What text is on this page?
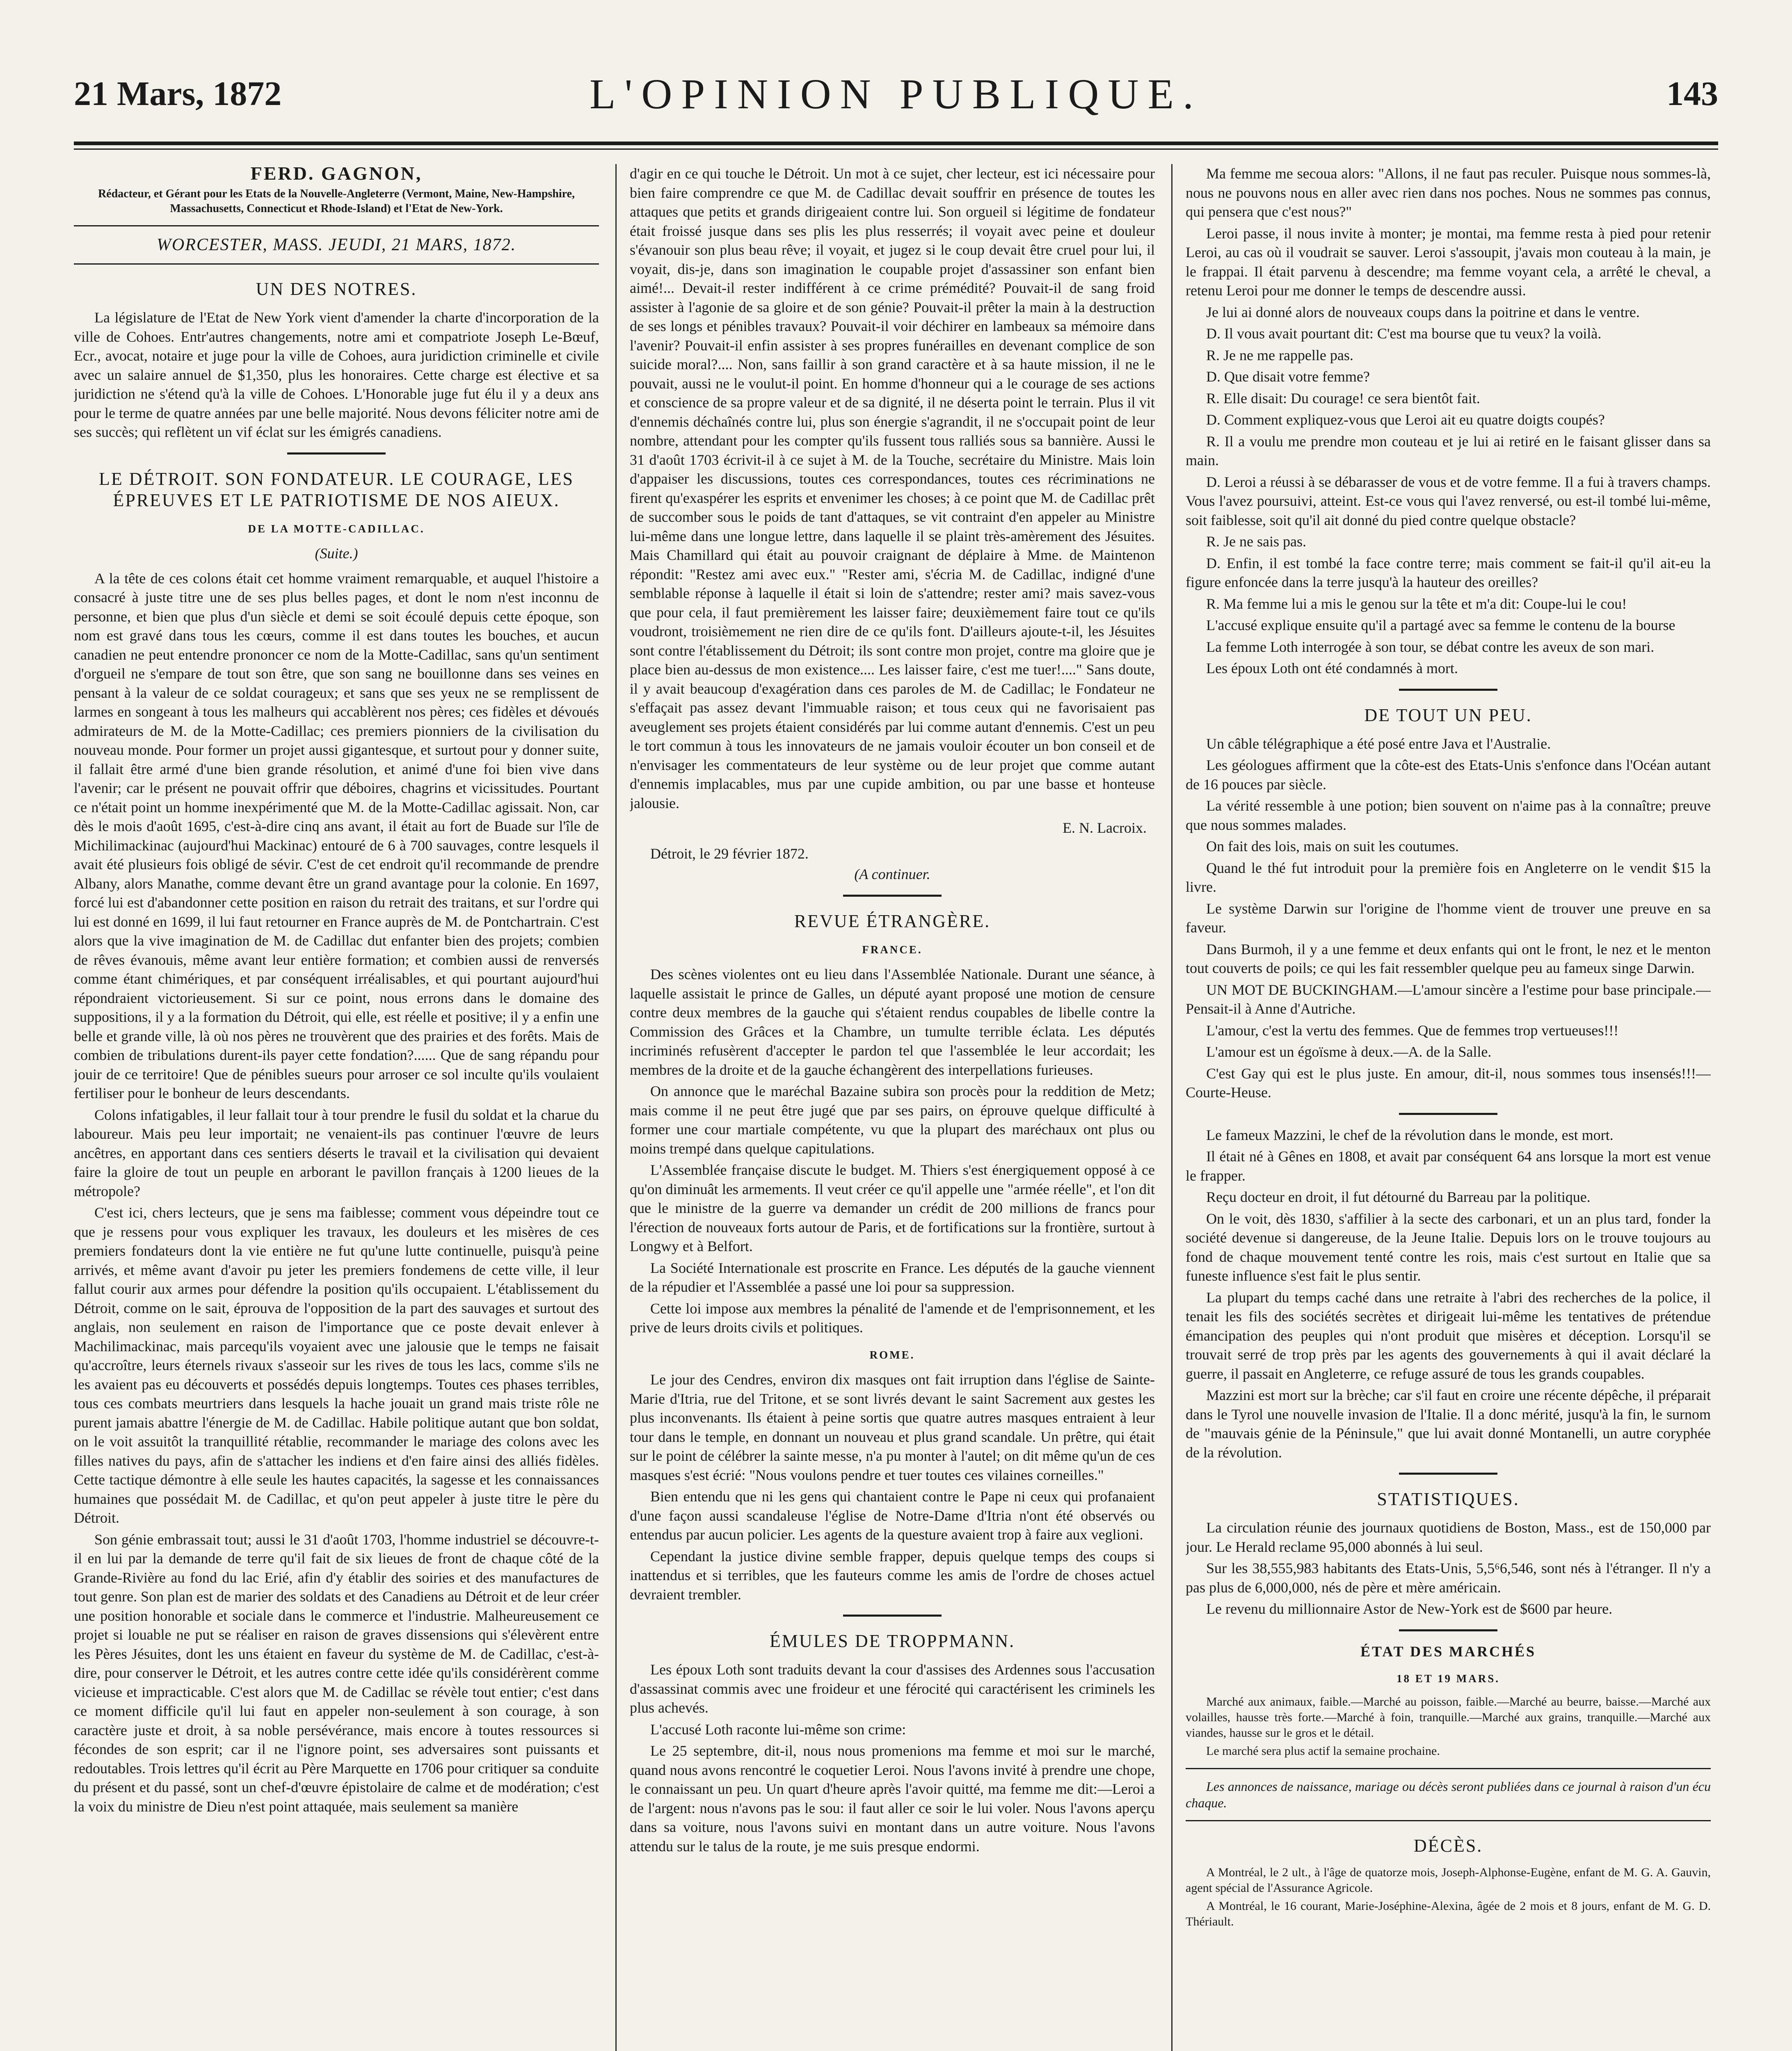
21 Mars, 1872	L'OPINION PUBLIQUE.	143
FERD. GAGNON,
Rédacteur, et Gérant pour les Etats de la Nouvelle-Angleterre (Vermont, Maine, New-Hampshire, Massachusetts, Connecticut et Rhode-Island) et l'Etat de New-York.
WORCESTER, MASS. JEUDI, 21 MARS, 1872.
UN DES NOTRES.

La législature de l'Etat de New York vient d'amender la charte d'incorporation de la ville de Cohoes. Entr'autres changements, notre ami et compatriote Joseph Le-Bœuf, Ecr., avocat, notaire et juge pour la ville de Cohoes, aura juridiction criminelle et civile avec un salaire annuel de $1,350, plus les honoraires. Cette charge est élective et sa juridiction ne s'étend qu'à la ville de Cohoes. L'Honorable juge fut élu il y a deux ans pour le terme de quatre années par une belle majorité. Nous devons féliciter notre ami de ses succès; qui reflètent un vif éclat sur les émigrés canadiens.

LE DÉTROIT. SON FONDATEUR. LE COURAGE, LES ÉPREUVES ET LE PATRIOTISME DE NOS AIEUX.
DE LA MOTTE-CADILLAC.
(Suite.)

A la tête de ces colons était cet homme vraiment remarquable, et auquel l'histoire a consacré à juste titre une de ses plus belles pages, et dont le nom n'est inconnu de personne, et bien que plus d'un siècle et demi se soit écoulé depuis cette époque, son nom est gravé dans tous les cœurs, comme il est dans toutes les bouches, et aucun canadien ne peut entendre prononcer ce nom de la Motte-Cadillac, sans qu'un sentiment d'orgueil ne s'empare de tout son être, que son sang ne bouillonne dans ses veines en pensant à la valeur de ce soldat courageux; et sans que ses yeux ne se remplissent de larmes en songeant à tous les malheurs qui accablèrent nos pères; ces fidèles et dévoués admirateurs de M. de la Motte-Cadillac; ces premiers pionniers de la civilisation du nouveau monde. Pour former un projet aussi gigantesque, et surtout pour y donner suite, il fallait être armé d'une bien grande résolution, et animé d'une foi bien vive dans l'avenir; car le présent ne pouvait offrir que déboires, chagrins et vicissitudes. Pourtant ce n'était point un homme inexpérimenté que M. de la Motte-Cadillac agissait. Non, car dès le mois d'août 1695, c'est-à-dire cinq ans avant, il était au fort de Buade sur l'île de Michilimackinac (aujourd'hui Mackinac) entouré de 6 à 700 sauvages, contre lesquels il avait été plusieurs fois obligé de sévir. C'est de cet endroit qu'il recommande de prendre Albany, alors Manathe, comme devant être un grand avantage pour la colonie. En 1697, forcé lui est d'abandonner cette position en raison du retrait des traitans, et sur l'ordre qui lui est donné en 1699, il lui faut retourner en France auprès de M. de Pontchartrain. C'est alors que la vive imagination de M. de Cadillac dut enfanter bien des projets; combien de rêves évanouis, même avant leur entière formation; et combien aussi de renversés comme étant chimériques, et par conséquent irréalisables, et qui pourtant aujourd'hui répondraient victorieusement. Si sur ce point, nous errons dans le domaine des suppositions, il y a la formation du Détroit, qui elle, est réelle et positive; il y a enfin une belle et grande ville, là où nos pères ne trouvèrent que des prairies et des forêts. Mais de combien de tribulations durent-ils payer cette fondation?...... Que de sang répandu pour jouir de ce territoire! Que de pénibles sueurs pour arroser ce sol inculte qu'ils voulaient fertiliser pour le bonheur de leurs descendants.

Colons infatigables, il leur fallait tour à tour prendre le fusil du soldat et la charue du laboureur. Mais peu leur importait; ne venaient-ils pas continuer l'œuvre de leurs ancêtres, en apportant dans ces sentiers déserts le travail et la civilisation qui devaient faire la gloire de tout un peuple en arborant le pavillon français à 1200 lieues de la métropole?

C'est ici, chers lecteurs, que je sens ma faiblesse; comment vous dépeindre tout ce que je ressens pour vous expliquer les travaux, les douleurs et les misères de ces premiers fondateurs dont la vie entière ne fut qu'une lutte continuelle, puisqu'à peine arrivés, et même avant d'avoir pu jeter les premiers fondemens de cette ville, il leur fallut courir aux armes pour défendre la position qu'ils occupaient. L'établissement du Détroit, comme on le sait, éprouva de l'opposition de la part des sauvages et surtout des anglais, non seulement en raison de l'importance que ce poste devait enlever à Machilimackinac, mais parcequ'ils voyaient avec une jalousie que le temps ne faisait qu'accroître, leurs éternels rivaux s'asseoir sur les rives de tous les lacs, comme s'ils ne les avaient pas eu découverts et possédés depuis longtemps. Toutes ces phases terribles, tous ces combats meurtriers dans lesquels la hache jouait un grand mais triste rôle ne purent jamais abattre l'énergie de M. de Cadillac. Habile politique autant que bon soldat, on le voit assuitôt la tranquillité rétablie, recommander le mariage des colons avec les filles natives du pays, afin de s'attacher les indiens et d'en faire ainsi des alliés fidèles. Cette tactique démontre à elle seule les hautes capacités, la sagesse et les connaissances humaines que possédait M. de Cadillac, et qu'on peut appeler à juste titre le père du Détroit.

Son génie embrassait tout; aussi le 31 d'août 1703, l'homme industriel se découvre-t-il en lui par la demande de terre qu'il fait de six lieues de front de chaque côté de la Grande-Rivière au fond du lac Erié, afin d'y établir des soiries et des manufactures de tout genre. Son plan est de marier des soldats et des Canadiens au Détroit et de leur créer une position honorable et sociale dans le commerce et l'industrie. Malheureusement ce projet si louable ne put se réaliser en raison de graves dissensions qui s'élevèrent entre les Pères Jésuites, dont les uns étaient en faveur du système de M. de Cadillac, c'est-à-dire, pour conserver le Détroit, et les autres contre cette idée qu'ils considérèrent comme vicieuse et impracticable. C'est alors que M. de Cadillac se révèle tout entier; c'est dans ce moment difficile qu'il lui faut en appeler non-seulement à son courage, à son caractère juste et droit, à sa noble persévérance, mais encore à toutes ressources si fécondes de son esprit; car il ne l'ignore point, ses adversaires sont puissants et redoutables. Trois lettres qu'il écrit au Père Marquette en 1706 pour critiquer sa conduite du présent et du passé, sont un chef-d'œuvre épistolaire de calme et de modération; c'est la voix du ministre de Dieu n'est point attaquée, mais seulement sa manière

d'agir en ce qui touche le Détroit. Un mot à ce sujet, cher lecteur, est ici nécessaire pour bien faire comprendre ce que M. de Cadillac devait souffrir en présence de toutes les attaques que petits et grands dirigeaient contre lui. Son orgueil si légitime de fondateur était froissé jusque dans ses plis les plus resserrés; il voyait avec peine et douleur s'évanouir son plus beau rêve; il voyait, et jugez si le coup devait être cruel pour lui, il voyait, dis-je, dans son imagination le coupable projet d'assassiner son enfant bien aimé!... Devait-il rester indifférent à ce crime prémédité? Pouvait-il de sang froid assister à l'agonie de sa gloire et de son génie? Pouvait-il prêter la main à la destruction de ses longs et pénibles travaux? Pouvait-il voir déchirer en lambeaux sa mémoire dans l'avenir? Pouvait-il enfin assister à ses propres funérailles en devenant complice de son suicide moral?.... Non, sans faillir à son grand caractère et à sa haute mission, il ne le pouvait, aussi ne le voulut-il point. En homme d'honneur qui a le courage de ses actions et conscience de sa propre valeur et de sa dignité, il ne déserta point le terrain. Plus il vit d'ennemis déchaînés contre lui, plus son énergie s'agrandit, il ne s'occupait point de leur nombre, attendant pour les compter qu'ils fussent tous ralliés sous sa bannière. Aussi le 31 d'août 1703 écrivit-il à ce sujet à M. de la Touche, secrétaire du Ministre. Mais loin d'appaiser les discussions, toutes ces correspondances, toutes ces récriminations ne firent qu'exaspérer les esprits et envenimer les choses; à ce point que M. de Cadillac prêt de succomber sous le poids de tant d'attaques, se vit contraint d'en appeler au Ministre lui-même dans une longue lettre, dans laquelle il se plaint très-amèrement des Jésuites. Mais Chamillard qui était au pouvoir craignant de déplaire à Mme. de Maintenon répondit: "Restez ami avec eux." "Rester ami, s'écria M. de Cadillac, indigné d'une semblable réponse à laquelle il était si loin de s'attendre; rester ami? mais savez-vous que pour cela, il faut premièrement les laisser faire; deuxièmement faire tout ce qu'ils voudront, troisièmement ne rien dire de ce qu'ils font. D'ailleurs ajoute-t-il, les Jésuites sont contre l'établissement du Détroit; ils sont contre mon projet, contre ma gloire que je place bien au-dessus de mon existence.... Les laisser faire, c'est me tuer!...." Sans doute, il y avait beaucoup d'exagération dans ces paroles de M. de Cadillac; le Fondateur ne s'effaçait pas assez devant l'immuable raison; et tous ceux qui ne favorisaient pas aveuglement ses projets étaient considérés par lui comme autant d'ennemis. C'est un peu le tort commun à tous les innovateurs de ne jamais vouloir écouter un bon conseil et de n'envisager les commentateurs de leur système ou de leur projet que comme autant d'ennemis implacables, mus par une cupide ambition, ou par une basse et honteuse jalousie.

E. N. Lacroix.
Détroit, le 29 février 1872.
(A continuer.
REVUE ÉTRANGÈRE.
FRANCE.

Des scènes violentes ont eu lieu dans l'Assemblée Nationale. Durant une séance, à laquelle assistait le prince de Galles, un député ayant proposé une motion de censure contre deux membres de la gauche qui s'étaient rendus coupables de libelle contre la Commission des Grâces et la Chambre, un tumulte terrible éclata. Les députés incriminés refusèrent d'accepter le pardon tel que l'assemblée le leur accordait; les membres de la droite et de la gauche échangèrent des interpellations furieuses.

On annonce que le maréchal Bazaine subira son procès pour la reddition de Metz; mais comme il ne peut être jugé que par ses pairs, on éprouve quelque difficulté à former une cour martiale compétente, vu que la plupart des maréchaux ont plus ou moins trempé dans quelque capitulations.

L'Assemblée française discute le budget. M. Thiers s'est énergiquement opposé à ce qu'on diminuât les armements. Il veut créer ce qu'il appelle une "armée réelle", et l'on dit que le ministre de la guerre va demander un crédit de 200 millions de francs pour l'érection de nouveaux forts autour de Paris, et de fortifications sur la frontière, surtout à Longwy et à Belfort.

La Société Internationale est proscrite en France. Les députés de la gauche viennent de la répudier et l'Assemblée a passé une loi pour sa suppression.

Cette loi impose aux membres la pénalité de l'amende et de l'emprisonnement, et les prive de leurs droits civils et politiques.

ROME.

Le jour des Cendres, environ dix masques ont fait irruption dans l'église de Sainte-Marie d'Itria, rue del Tritone, et se sont livrés devant le saint Sacrement aux gestes les plus inconvenants. Ils étaient à peine sortis que quatre autres masques entraient à leur tour dans le temple, en donnant un nouveau et plus grand scandale. Un prêtre, qui était sur le point de célébrer la sainte messe, n'a pu monter à l'autel; on dit même qu'un de ces masques s'est écrié: "Nous voulons pendre et tuer toutes ces vilaines corneilles."

Bien entendu que ni les gens qui chantaient contre le Pape ni ceux qui profanaient d'une façon aussi scandaleuse l'église de Notre-Dame d'Itria n'ont été observés ou entendus par aucun policier. Les agents de la questure avaient trop à faire aux veglioni.

Cependant la justice divine semble frapper, depuis quelque temps des coups si inattendus et si terribles, que les fauteurs comme les amis de l'ordre de choses actuel devraient trembler.

ÉMULES DE TROPPMANN.

Les époux Loth sont traduits devant la cour d'assises des Ardennes sous l'accusation d'assassinat commis avec une froideur et une férocité qui caractérisent les criminels les plus achevés.

L'accusé Loth raconte lui-même son crime:

Le 25 septembre, dit-il, nous nous promenions ma femme et moi sur le marché, quand nous avons rencontré le coquetier Leroi. Nous l'avons invité à prendre une chope, le connaissant un peu. Un quart d'heure après l'avoir quitté, ma femme me dit:—Leroi a de l'argent: nous n'avons pas le sou: il faut aller ce soir le lui voler. Nous l'avons aperçu dans sa voiture, nous l'avons suivi en montant dans un autre voiture. Nous l'avons attendu sur le talus de la route, je me suis presque endormi.

Ma femme me secoua alors: "Allons, il ne faut pas reculer. Puisque nous sommes-là, nous ne pouvons nous en aller avec rien dans nos poches. Nous ne sommes pas connus, qui pensera que c'est nous?"

Leroi passe, il nous invite à monter; je montai, ma femme resta à pied pour retenir Leroi, au cas où il voudrait se sauver. Leroi s'assoupit, j'avais mon couteau à la main, je le frappai. Il était parvenu à descendre; ma femme voyant cela, a arrêté le cheval, a retenu Leroi pour me donner le temps de descendre aussi.

Je lui ai donné alors de nouveaux coups dans la poitrine et dans le ventre.

D. Il vous avait pourtant dit: C'est ma bourse que tu veux? la voilà.

R. Je ne me rappelle pas.

D. Que disait votre femme?

R. Elle disait: Du courage! ce sera bientôt fait.

D. Comment expliquez-vous que Leroi ait eu quatre doigts coupés?

R. Il a voulu me prendre mon couteau et je lui ai retiré en le faisant glisser dans sa main.

D. Leroi a réussi à se débarasser de vous et de votre femme. Il a fui à travers champs. Vous l'avez poursuivi, atteint. Est-ce vous qui l'avez renversé, ou est-il tombé lui-même, soit faiblesse, soit qu'il ait donné du pied contre quelque obstacle?

R. Je ne sais pas.

D. Enfin, il est tombé la face contre terre; mais comment se fait-il qu'il ait-eu la figure enfoncée dans la terre jusqu'à la hauteur des oreilles?

R. Ma femme lui a mis le genou sur la tête et m'a dit: Coupe-lui le cou!

L'accusé explique ensuite qu'il a partagé avec sa femme le contenu de la bourse

La femme Loth interrogée à son tour, se débat contre les aveux de son mari.

Les époux Loth ont été condamnés à mort.

DE TOUT UN PEU.

Un câble télégraphique a été posé entre Java et l'Australie.

Les géologues affirment que la côte-est des Etats-Unis s'enfonce dans l'Océan autant de 16 pouces par siècle.

La vérité ressemble à une potion; bien souvent on n'aime pas à la connaître; preuve que nous sommes malades.

On fait des lois, mais on suit les coutumes.

Quand le thé fut introduit pour la première fois en Angleterre on le vendit $15 la livre.

Le système Darwin sur l'origine de l'homme vient de trouver une preuve en sa faveur.

Dans Burmoh, il y a une femme et deux enfants qui ont le front, le nez et le menton tout couverts de poils; ce qui les fait ressembler quelque peu au fameux singe Darwin.

UN MOT DE BUCKINGHAM.—L'amour sincère a l'estime pour base principale.—Pensait-il à Anne d'Autriche.

L'amour, c'est la vertu des femmes. Que de femmes trop vertueuses!!!

L'amour est un égoïsme à deux.—A. de la Salle.

C'est Gay qui est le plus juste. En amour, dit-il, nous sommes tous insensés!!!—Courte-Heuse.

Le fameux Mazzini, le chef de la révolution dans le monde, est mort.

Il était né à Gênes en 1808, et avait par conséquent 64 ans lorsque la mort est venue le frapper.

Reçu docteur en droit, il fut détourné du Barreau par la politique.

On le voit, dès 1830, s'affilier à la secte des carbonari, et un an plus tard, fonder la société devenue si dangereuse, de la Jeune Italie. Depuis lors on le trouve toujours au fond de chaque mouvement tenté contre les rois, mais c'est surtout en Italie que sa funeste influence s'est fait le plus sentir.

La plupart du temps caché dans une retraite à l'abri des recherches de la police, il tenait les fils des sociétés secrètes et dirigeait lui-même les tentatives de prétendue émancipation des peuples qui n'ont produit que misères et déception. Lorsqu'il se trouvait serré de trop près par les agents des gouvernements à qui il avait déclaré la guerre, il passait en Angleterre, ce refuge assuré de tous les grands coupables.

Mazzini est mort sur la brèche; car s'il faut en croire une récente dépêche, il préparait dans le Tyrol une nouvelle invasion de l'Italie. Il a donc mérité, jusqu'à la fin, le surnom de "mauvais génie de la Péninsule," que lui avait donné Montanelli, un autre coryphée de la révolution.

STATISTIQUES.

La circulation réunie des journaux quotidiens de Boston, Mass., est de 150,000 par jour. Le Herald reclame 95,000 abonnés à lui seul.

Sur les 38,555,983 habitants des Etats-Unis, 5,5⁶6,546, sont nés à l'étranger. Il n'y a pas plus de 6,000,000, nés de père et mère américain.

Le revenu du millionnaire Astor de New-York est de $600 par heure.

ÉTAT DES MARCHÉS
18 ET 19 MARS.

Marché aux animaux, faible.—Marché au poisson, faible.—Marché au beurre, baisse.—Marché aux volailles, hausse très forte.—Marché à foin, tranquille.—Marché aux grains, tranquille.—Marché aux viandes, hausse sur le gros et le détail.

Le marché sera plus actif la semaine prochaine.

Les annonces de naissance, mariage ou décès seront publiées dans ce journal à raison d'un écu chaque.

DÉCÈS.

A Montréal, le 2 ult., à l'âge de quatorze mois, Joseph-Alphonse-Eugène, enfant de M. G. A. Gauvin, agent spécial de l'Assurance Agricole.

A Montréal, le 16 courant, Marie-Joséphine-Alexina, âgée de 2 mois et 8 jours, enfant de M. G. D. Thériault.
